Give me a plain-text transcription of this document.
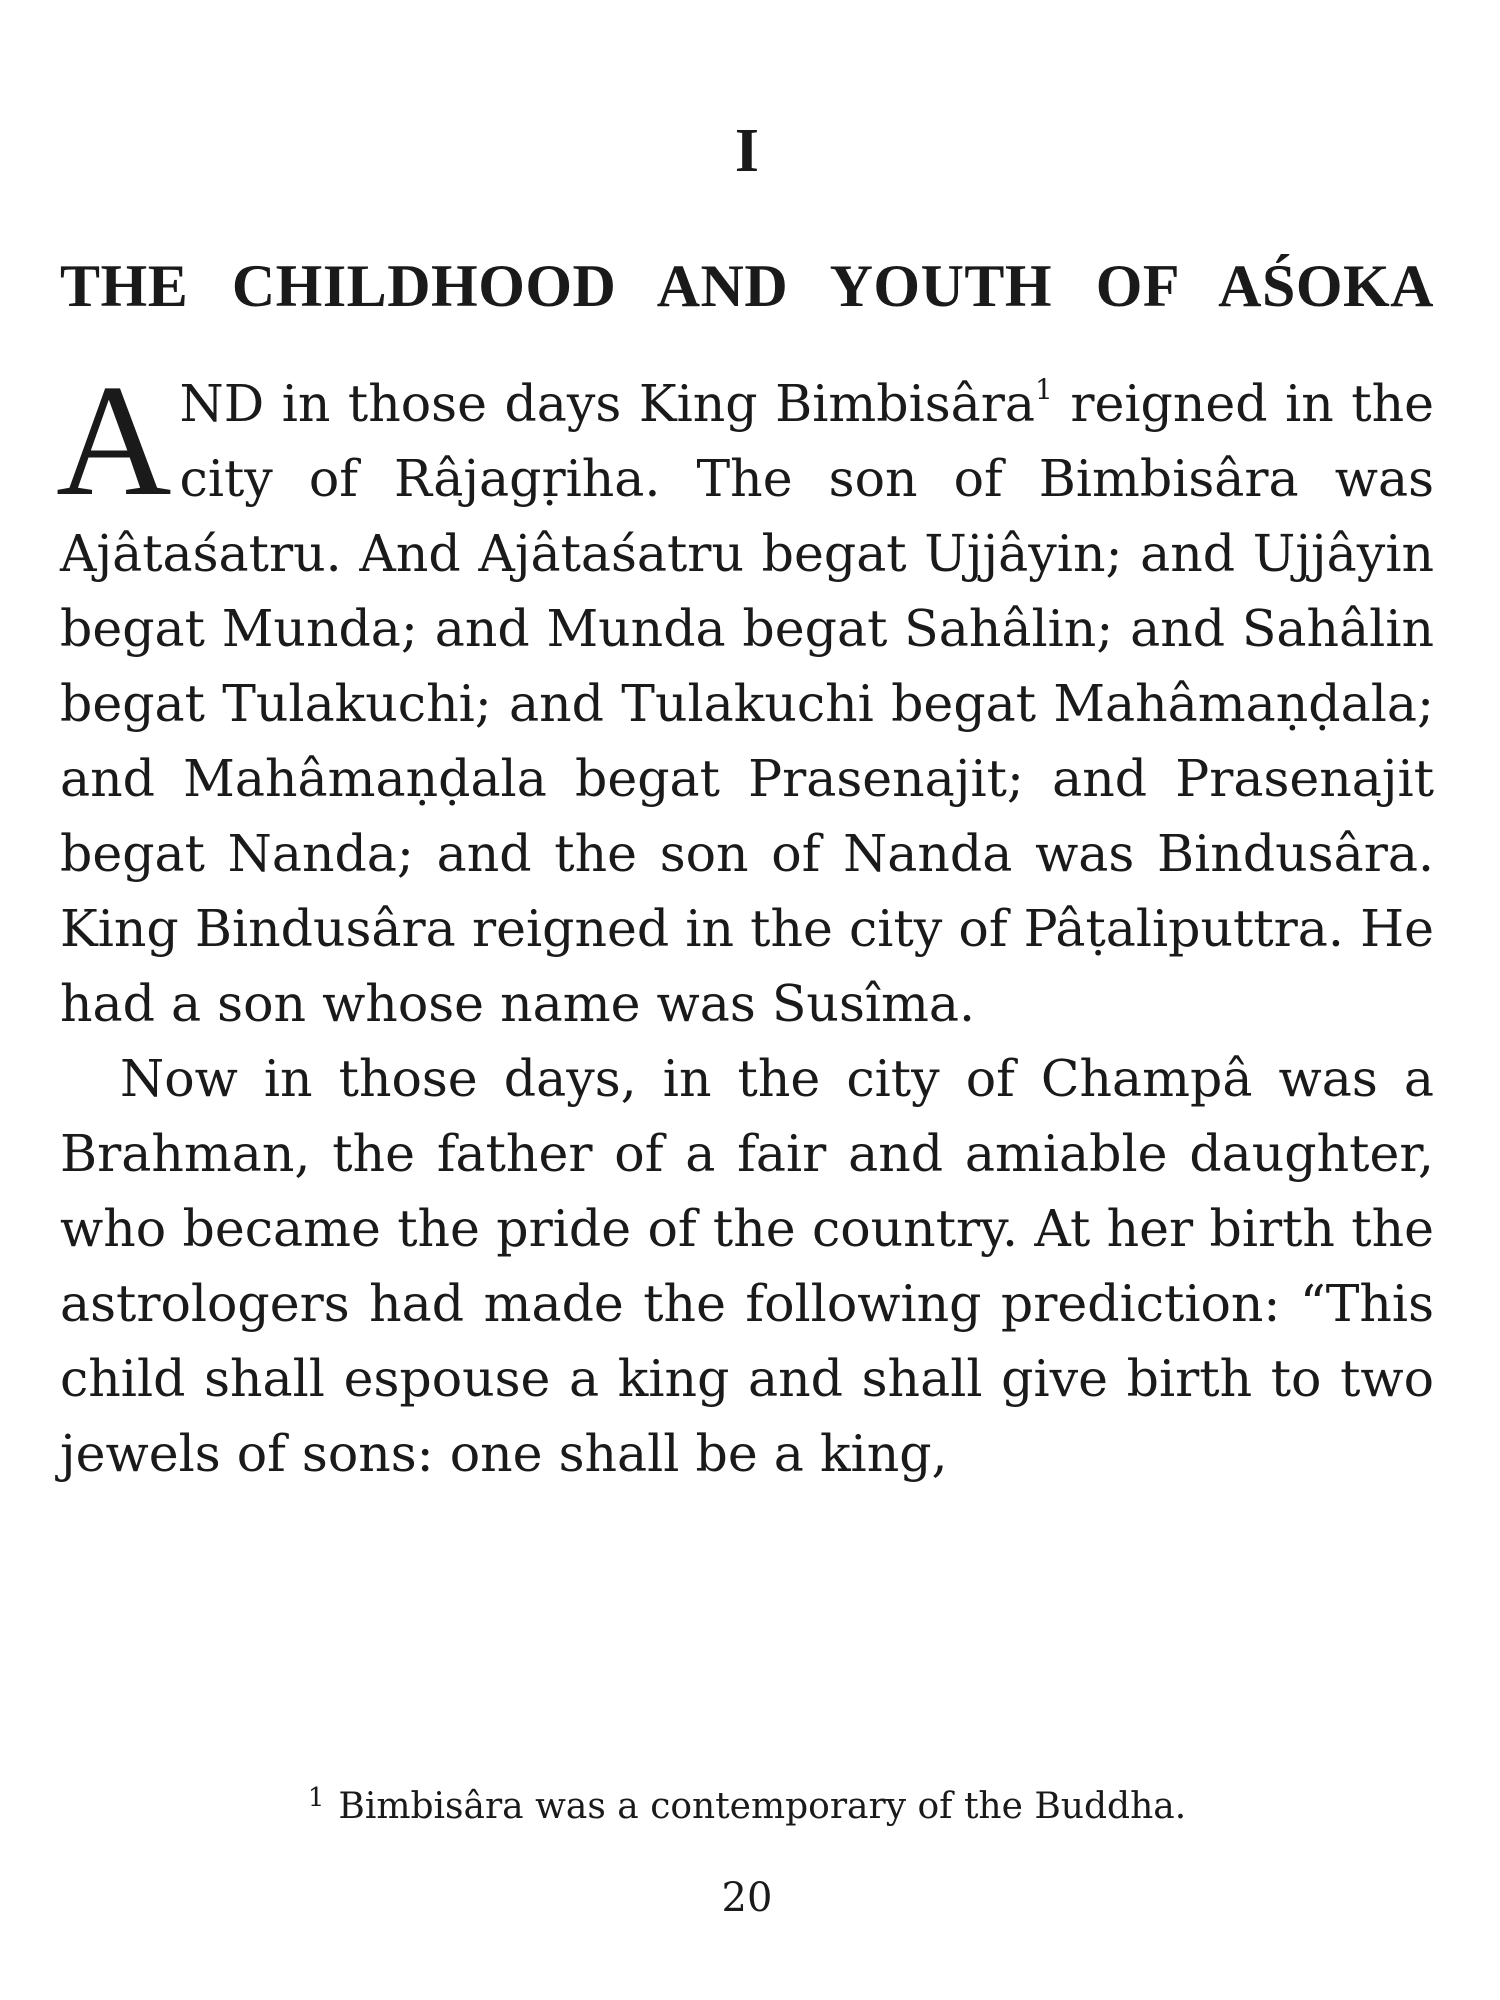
I
THE CHILDHOOD AND YOUTH OF AŚOKA

AND in those days King Bimbisâra$^1$ reigned in the city of Râjagṛiha. The son of Bimbisâra was Ajâtaśatru. And Ajâtaśatru begat Ujjâyin; and Ujjâyin begat Munda; and Munda begat Sahâlin; and Sahâlin begat Tulakuchi; and Tulakuchi begat Mahâmaṇḍala; and Mahâmaṇḍala begat Prasenajit; and Prasenajit begat Nanda; and the son of Nanda was Bindusâra. King Bindusâra reigned in the city of Pâṭaliputtra. He had a son whose name was Susîma.

Now in those days, in the city of Champâ was a Brahman, the father of a fair and amiable daughter, who became the pride of the country. At her birth the astrologers had made the following prediction: “This child shall espouse a king and shall give birth to two jewels of sons: one shall be a king,

$^1$ Bimbisâra was a contemporary of the Buddha.
20
